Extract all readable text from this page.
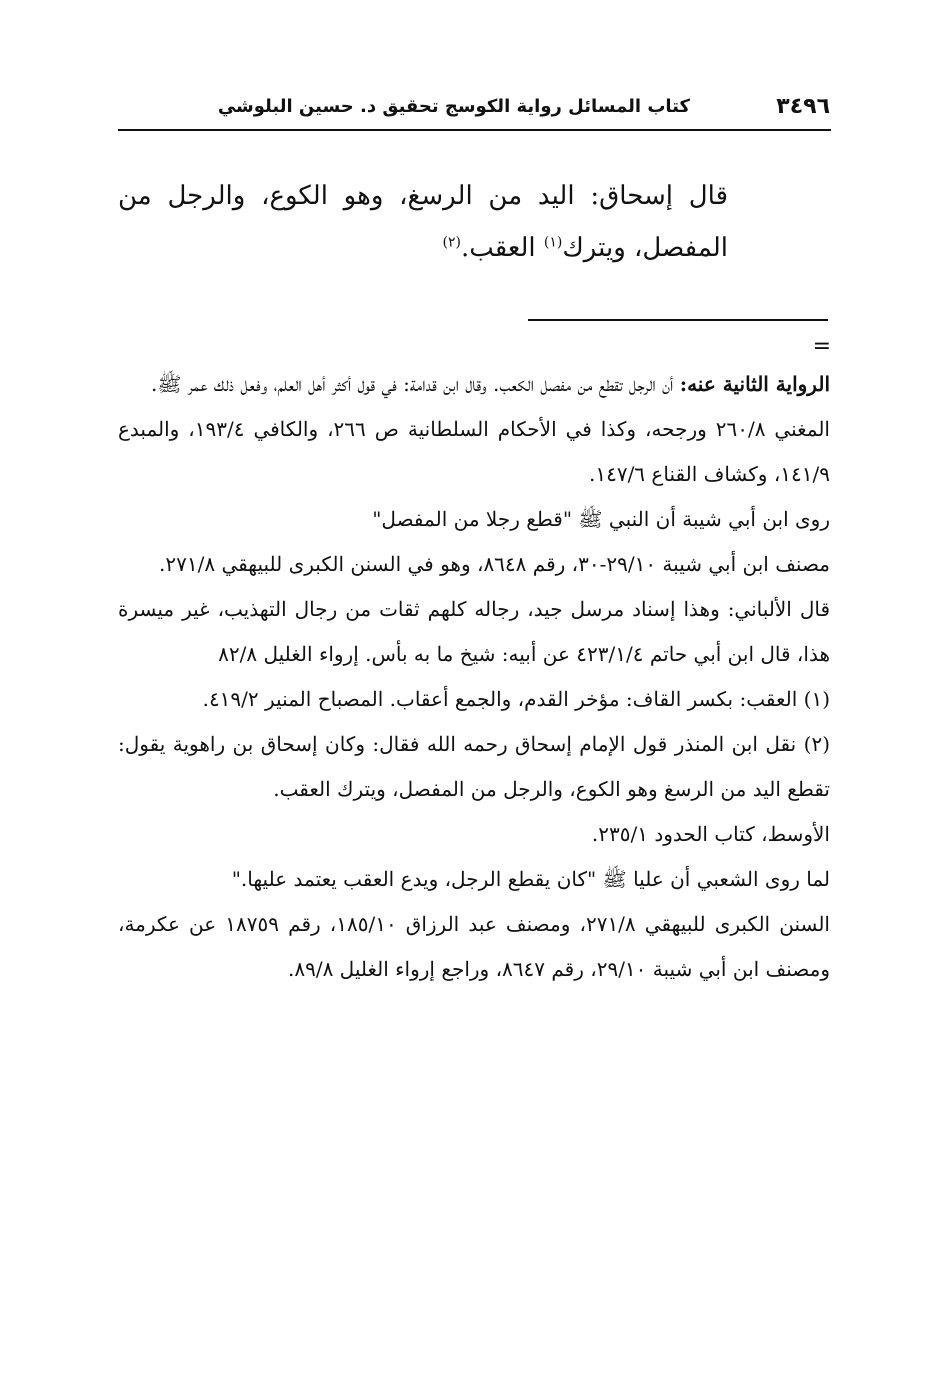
٣٤٩٦
كتاب المسائل رواية الكوسج تحقيق د. حسين البلوشي
قال إسحاق: اليد من الرسغ، وهو الكوع، والرجل من
المفصل، ويترك$^{(١)}$ العقب.$^{(٢)}$
=

الرواية الثانية عنه: أن الرجل تقطع من مفصل الكعب. وقال ابن قدامة: في قول أكثر أهل العلم، وفعل ذلك عمر ﷺ.

المغني ٢٦٠/٨ ورجحه، وكذا في الأحكام السلطانية ص ٢٦٦، والكافي ١٩٣/٤، والمبدع ١٤١/٩، وكشاف القناع ١٤٧/٦.

روى ابن أبي شيبة أن النبي ﷺ "قطع رجلا من المفصل"

مصنف ابن أبي شيبة ٢٩/١٠-٣٠، رقم ٨٦٤٨، وهو في السنن الكبرى للبيهقي ٢٧١/٨.

قال الألباني: وهذا إسناد مرسل جيد، رجاله كلهم ثقات من رجال التهذيب، غير ميسرة هذا، قال ابن أبي حاتم ٤٢٣/١/٤ عن أبيه: شيخ ما به بأس. إرواء الغليل ٨٢/٨

(١) العقب: بكسر القاف: مؤخر القدم، والجمع أعقاب. المصباح المنير ٤١٩/٢.

(٢) نقل ابن المنذر قول الإمام إسحاق رحمه الله فقال: وكان إسحاق بن راهوية يقول: تقطع اليد من الرسغ وهو الكوع، والرجل من المفصل، ويترك العقب.

الأوسط، كتاب الحدود ٢٣٥/١.

لما روى الشعبي أن عليا ﷺ "كان يقطع الرجل، ويدع العقب يعتمد عليها."

السنن الكبرى للبيهقي ٢٧١/٨، ومصنف عبد الرزاق ١٨٥/١٠، رقم ١٨٧٥٩ عن عكرمة، ومصنف ابن أبي شيبة ٢٩/١٠، رقم ٨٦٤٧، وراجع إرواء الغليل ٨٩/٨.
